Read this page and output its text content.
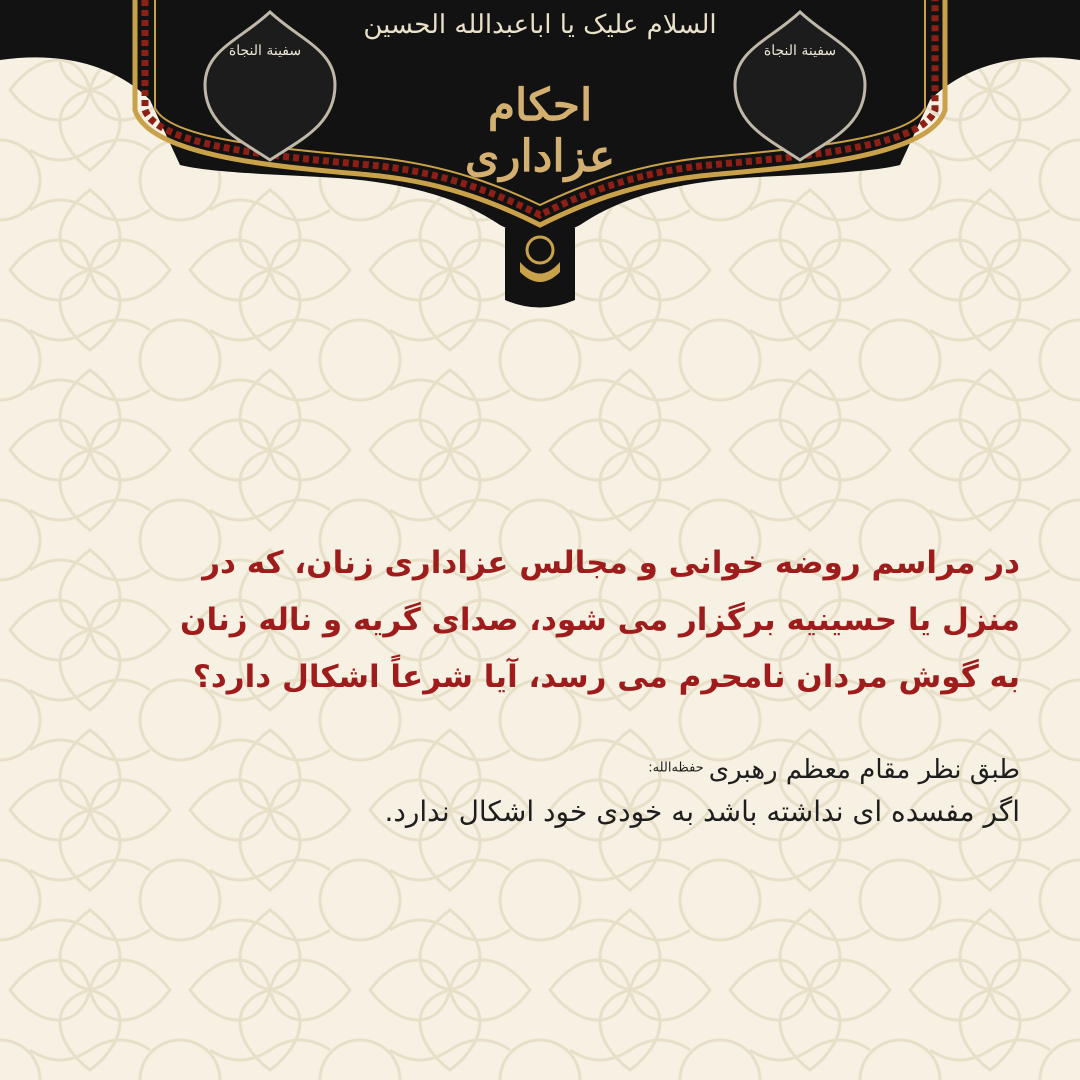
السلام علیک یا اباعبدالله الحسین
احکام عزاداری
سفینة النجاة	سفینة النجاة
در مراسم روضه خوانی و مجالس عزاداری زنان، که در
منزل یا حسینیه برگزار می شود، صدای گریه و ناله زنان
به گوش مردان نامحرم می رسد، آیا شرعاً اشکال دارد؟
طبق نظر مقام معظم رهبری $^{حفظه‌الله:}$
اگر مفسده ای نداشته باشد به خودی خود اشکال ندارد.
